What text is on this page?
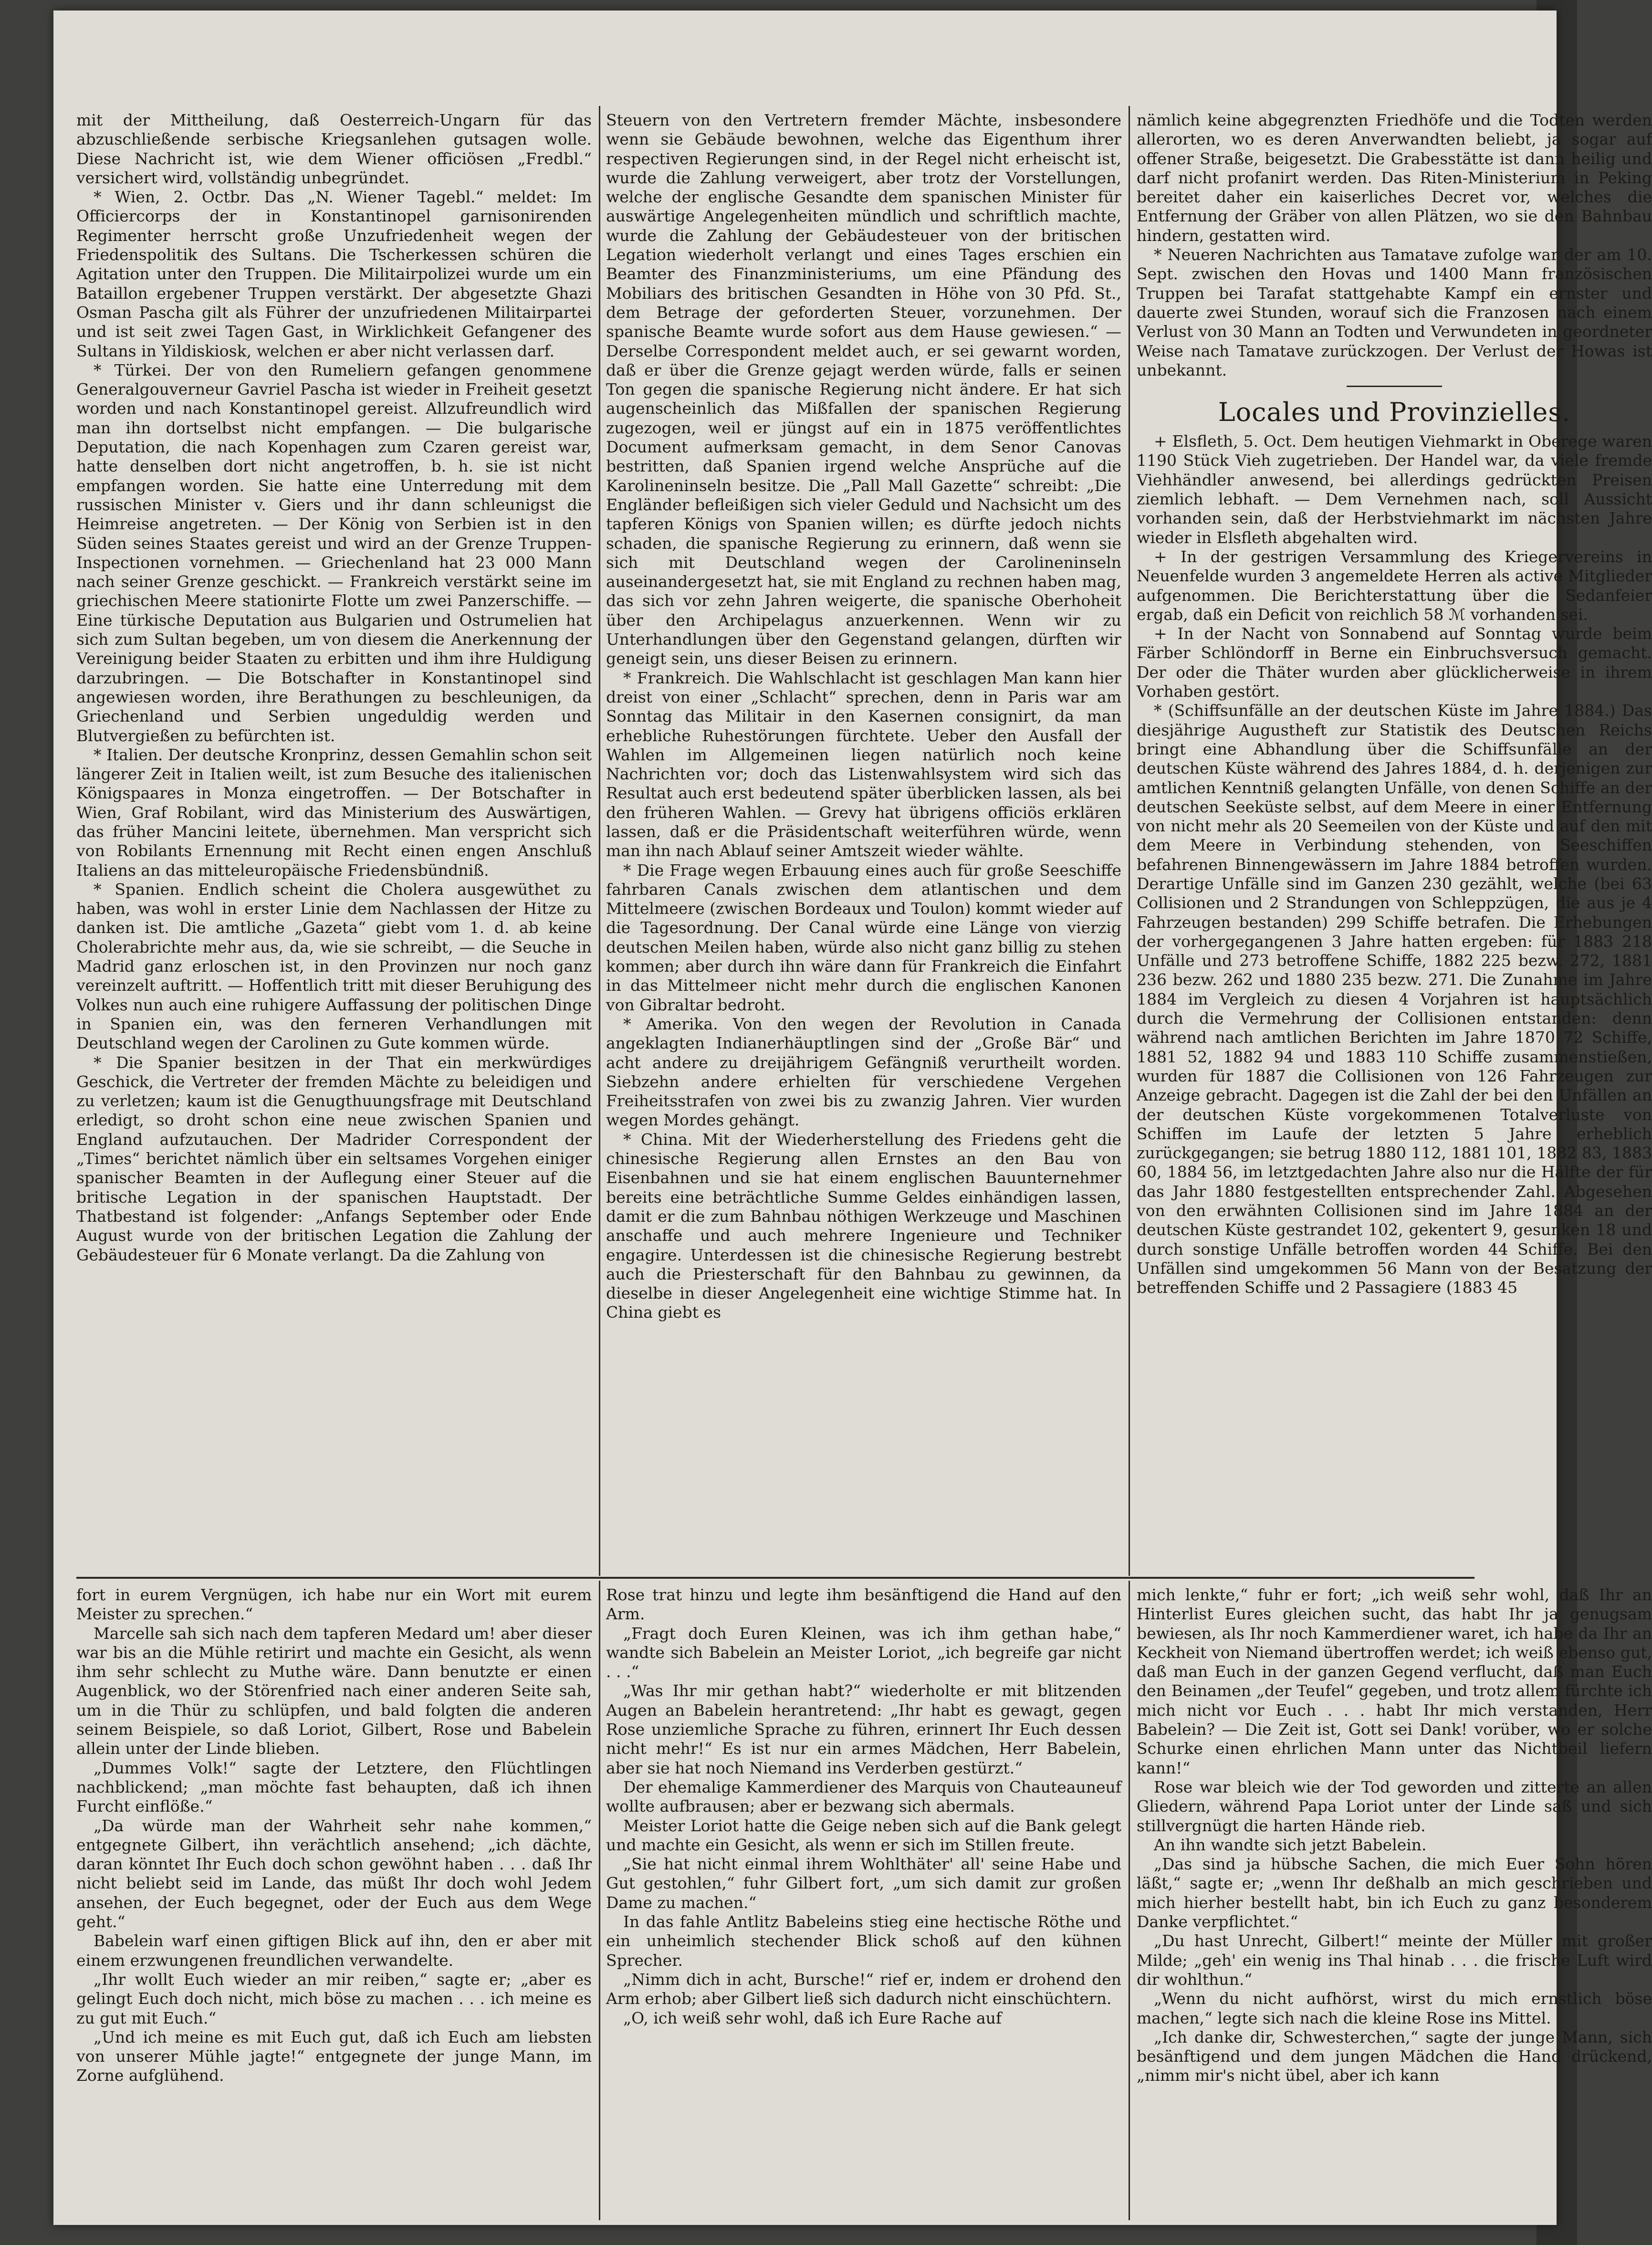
mit der Mittheilung, daß Oesterreich-Ungarn für das abzuschließende serbische Kriegsanlehen gutsagen wolle. Diese Nachricht ist, wie dem Wiener officiösen „Fredbl.“ versichert wird, vollständig unbegründet.

* Wien, 2. Octbr. Das „N. Wiener Tagebl.“ meldet: Im Officiercorps der in Konstantinopel garnisonirenden Regimenter herrscht große Unzufriedenheit wegen der Friedenspolitik des Sultans. Die Tscherkessen schüren die Agitation unter den Truppen. Die Militairpolizei wurde um ein Bataillon ergebener Truppen verstärkt. Der abgesetzte Ghazi Osman Pascha gilt als Führer der unzufriedenen Militairpartei und ist seit zwei Tagen Gast, in Wirklichkeit Gefangener des Sultans in Yildiskiosk, welchen er aber nicht verlassen darf.

* Türkei. Der von den Rumeliern gefangen genommene Generalgouverneur Gavriel Pascha ist wieder in Freiheit gesetzt worden und nach Konstantinopel gereist. Allzufreundlich wird man ihn dortselbst nicht empfangen. — Die bulgarische Deputation, die nach Kopenhagen zum Czaren gereist war, hatte denselben dort nicht angetroffen, b. h. sie ist nicht empfangen worden. Sie hatte eine Unterredung mit dem russischen Minister v. Giers und ihr dann schleunigst die Heimreise angetreten. — Der König von Serbien ist in den Süden seines Staates gereist und wird an der Grenze Truppen-Inspectionen vornehmen. — Griechenland hat 23 000 Mann nach seiner Grenze geschickt. — Frankreich verstärkt seine im griechischen Meere stationirte Flotte um zwei Panzerschiffe. — Eine türkische Deputation aus Bulgarien und Ostrumelien hat sich zum Sultan begeben, um von diesem die Anerkennung der Vereinigung beider Staaten zu erbitten und ihm ihre Huldigung darzubringen. — Die Botschafter in Konstantinopel sind angewiesen worden, ihre Berathungen zu beschleunigen, da Griechenland und Serbien ungeduldig werden und Blutvergießen zu befürchten ist.

* Italien. Der deutsche Kronprinz, dessen Gemahlin schon seit längerer Zeit in Italien weilt, ist zum Besuche des italienischen Königspaares in Monza eingetroffen. — Der Botschafter in Wien, Graf Robilant, wird das Ministerium des Auswärtigen, das früher Mancini leitete, übernehmen. Man verspricht sich von Robilants Ernennung mit Recht einen engen Anschluß Italiens an das mitteleuropäische Friedensbündniß.

* Spanien. Endlich scheint die Cholera ausgewüthet zu haben, was wohl in erster Linie dem Nachlassen der Hitze zu danken ist. Die amtliche „Gazeta“ giebt vom 1. d. ab keine Cholerabrichte mehr aus, da, wie sie schreibt, — die Seuche in Madrid ganz erloschen ist, in den Provinzen nur noch ganz vereinzelt auftritt. — Hoffentlich tritt mit dieser Beruhigung des Volkes nun auch eine ruhigere Auffassung der politischen Dinge in Spanien ein, was den ferneren Verhandlungen mit Deutschland wegen der Carolinen zu Gute kommen würde.

* Die Spanier besitzen in der That ein merkwürdiges Geschick, die Vertreter der fremden Mächte zu beleidigen und zu verletzen; kaum ist die Genugthuungsfrage mit Deutschland erledigt, so droht schon eine neue zwischen Spanien und England aufzutauchen. Der Madrider Correspondent der „Times“ berichtet nämlich über ein seltsames Vorgehen einiger spanischer Beamten in der Auflegung einer Steuer auf die britische Legation in der spanischen Hauptstadt. Der Thatbestand ist folgender: „Anfangs September oder Ende August wurde von der britischen Legation die Zahlung der Gebäudesteuer für 6 Monate verlangt. Da die Zahlung von

Steuern von den Vertretern fremder Mächte, insbesondere wenn sie Gebäude bewohnen, welche das Eigenthum ihrer respectiven Regierungen sind, in der Regel nicht erheischt ist, wurde die Zahlung verweigert, aber trotz der Vorstellungen, welche der englische Gesandte dem spanischen Minister für auswärtige Angelegenheiten mündlich und schriftlich machte, wurde die Zahlung der Gebäudesteuer von der britischen Legation wiederholt verlangt und eines Tages erschien ein Beamter des Finanzministeriums, um eine Pfändung des Mobiliars des britischen Gesandten in Höhe von 30 Pfd. St., dem Betrage der geforderten Steuer, vorzunehmen. Der spanische Beamte wurde sofort aus dem Hause gewiesen.“ — Derselbe Correspondent meldet auch, er sei gewarnt worden, daß er über die Grenze gejagt werden würde, falls er seinen Ton gegen die spanische Regierung nicht ändere. Er hat sich augenscheinlich das Mißfallen der spanischen Regierung zugezogen, weil er jüngst auf ein in 1875 veröffentlichtes Document aufmerksam gemacht, in dem Senor Canovas bestritten, daß Spanien irgend welche Ansprüche auf die Karolineninseln besitze. Die „Pall Mall Gazette“ schreibt: „Die Engländer befleißigen sich vieler Geduld und Nachsicht um des tapferen Königs von Spanien willen; es dürfte jedoch nichts schaden, die spanische Regierung zu erinnern, daß wenn sie sich mit Deutschland wegen der Carolineninseln auseinandergesetzt hat, sie mit England zu rechnen haben mag, das sich vor zehn Jahren weigerte, die spanische Oberhoheit über den Archipelagus anzuerkennen. Wenn wir zu Unterhandlungen über den Gegenstand gelangen, dürften wir geneigt sein, uns dieser Beisen zu erinnern.

* Frankreich. Die Wahlschlacht ist geschlagen Man kann hier dreist von einer „Schlacht“ sprechen, denn in Paris war am Sonntag das Militair in den Kasernen consignirt, da man erhebliche Ruhestörungen fürchtete. Ueber den Ausfall der Wahlen im Allgemeinen liegen natürlich noch keine Nachrichten vor; doch das Listenwahlsystem wird sich das Resultat auch erst bedeutend später überblicken lassen, als bei den früheren Wahlen. — Grevy hat übrigens officiös erklären lassen, daß er die Präsidentschaft weiterführen würde, wenn man ihn nach Ablauf seiner Amtszeit wieder wählte.

* Die Frage wegen Erbauung eines auch für große Seeschiffe fahrbaren Canals zwischen dem atlantischen und dem Mittelmeere (zwischen Bordeaux und Toulon) kommt wieder auf die Tagesordnung. Der Canal würde eine Länge von vierzig deutschen Meilen haben, würde also nicht ganz billig zu stehen kommen; aber durch ihn wäre dann für Frankreich die Einfahrt in das Mittelmeer nicht mehr durch die englischen Kanonen von Gibraltar bedroht.

* Amerika. Von den wegen der Revolution in Canada angeklagten Indianerhäuptlingen sind der „Große Bär“ und acht andere zu dreijährigem Gefängniß verurtheilt worden. Siebzehn andere erhielten für verschiedene Vergehen Freiheitsstrafen von zwei bis zu zwanzig Jahren. Vier wurden wegen Mordes gehängt.

* China. Mit der Wiederherstellung des Friedens geht die chinesische Regierung allen Ernstes an den Bau von Eisenbahnen und sie hat einem englischen Bauunternehmer bereits eine beträchtliche Summe Geldes einhändigen lassen, damit er die zum Bahnbau nöthigen Werkzeuge und Maschinen anschaffe und auch mehrere Ingenieure und Techniker engagire. Unterdessen ist die chinesische Regierung bestrebt auch die Priesterschaft für den Bahnbau zu gewinnen, da dieselbe in dieser Angelegenheit eine wichtige Stimme hat. In China giebt es

nämlich keine abgegrenzten Friedhöfe und die Todten werden allerorten, wo es deren Anverwandten beliebt, ja sogar auf offener Straße, beigesetzt. Die Grabesstätte ist dann heilig und darf nicht profanirt werden. Das Riten-Ministerium in Peking bereitet daher ein kaiserliches Decret vor, welches die Entfernung der Gräber von allen Plätzen, wo sie den Bahnbau hindern, gestatten wird.

* Neueren Nachrichten aus Tamatave zufolge war der am 10. Sept. zwischen den Hovas und 1400 Mann französischen Truppen bei Tarafat stattgehabte Kampf ein ernster und dauerte zwei Stunden, worauf sich die Franzosen nach einem Verlust von 30 Mann an Todten und Verwundeten in geordneter Weise nach Tamatave zurückzogen. Der Verlust der Howas ist unbekannt.

Locales und Provinzielles.

+ Elsfleth, 5. Oct. Dem heutigen Viehmarkt in Oberege waren 1190 Stück Vieh zugetrieben. Der Handel war, da viele fremde Viehhändler anwesend, bei allerdings gedrückten Preisen ziemlich lebhaft. — Dem Vernehmen nach, soll Aussicht vorhanden sein, daß der Herbstviehmarkt im nächsten Jahre wieder in Elsfleth abgehalten wird.

+ In der gestrigen Versammlung des Kriegervereins in Neuenfelde wurden 3 angemeldete Herren als active Mitglieder aufgenommen. Die Berichterstattung über die Sedanfeier ergab, daß ein Deficit von reichlich 58 ℳ vorhanden sei.

+ In der Nacht von Sonnabend auf Sonntag wurde beim Färber Schlöndorff in Berne ein Einbruchsversuch gemacht. Der oder die Thäter wurden aber glücklicherweise in ihrem Vorhaben gestört.

* (Schiffsunfälle an der deutschen Küste im Jahre 1884.) Das diesjährige Augustheft zur Statistik des Deutschen Reichs bringt eine Abhandlung über die Schiffsunfälle an der deutschen Küste während des Jahres 1884, d. h. derjenigen zur amtlichen Kenntniß gelangten Unfälle, von denen Schiffe an der deutschen Seeküste selbst, auf dem Meere in einer Entfernung von nicht mehr als 20 Seemeilen von der Küste und auf den mit dem Meere in Verbindung stehenden, von Seeschiffen befahrenen Binnengewässern im Jahre 1884 betroffen wurden. Derartige Unfälle sind im Ganzen 230 gezählt, welche (bei 63 Collisionen und 2 Strandungen von Schleppzügen, die aus je 4 Fahrzeugen bestanden) 299 Schiffe betrafen. Die Erhebungen der vorhergegangenen 3 Jahre hatten ergeben: für 1883 218 Unfälle und 273 betroffene Schiffe, 1882 225 bezw. 272, 1881 236 bezw. 262 und 1880 235 bezw. 271. Die Zunahme im Jahre 1884 im Vergleich zu diesen 4 Vorjahren ist hauptsächlich durch die Vermehrung der Collisionen entstanden: denn während nach amtlichen Berichten im Jahre 1870 72 Schiffe, 1881 52, 1882 94 und 1883 110 Schiffe zusammenstießen, wurden für 1887 die Collisionen von 126 Fahrzeugen zur Anzeige gebracht. Dagegen ist die Zahl der bei den Unfällen an der deutschen Küste vorgekommenen Totalverluste von Schiffen im Laufe der letzten 5 Jahre erheblich zurückgegangen; sie betrug 1880 112, 1881 101, 1882 83, 1883 60, 1884 56, im letztgedachten Jahre also nur die Hälfte der für das Jahr 1880 festgestellten entsprechender Zahl. Abgesehen von den erwähnten Collisionen sind im Jahre 1884 an der deutschen Küste gestrandet 102, gekentert 9, gesunken 18 und durch sonstige Unfälle betroffen worden 44 Schiffe. Bei den Unfällen sind umgekommen 56 Mann von der Besatzung der betreffenden Schiffe und 2 Passagiere (1883 45

fort in eurem Vergnügen, ich habe nur ein Wort mit eurem Meister zu sprechen.“

Marcelle sah sich nach dem tapferen Medard um! aber dieser war bis an die Mühle retirirt und machte ein Gesicht, als wenn ihm sehr schlecht zu Muthe wäre. Dann benutzte er einen Augenblick, wo der Störenfried nach einer anderen Seite sah, um in die Thür zu schlüpfen, und bald folgten die anderen seinem Beispiele, so daß Loriot, Gilbert, Rose und Babelein allein unter der Linde blieben.

„Dummes Volk!“ sagte der Letztere, den Flüchtlingen nachblickend; „man möchte fast behaupten, daß ich ihnen Furcht einflöße.“

„Da würde man der Wahrheit sehr nahe kommen,“ entgegnete Gilbert, ihn verächtlich ansehend; „ich dächte, daran könntet Ihr Euch doch schon gewöhnt haben . . . daß Ihr nicht beliebt seid im Lande, das müßt Ihr doch wohl Jedem ansehen, der Euch begegnet, oder der Euch aus dem Wege geht.“

Babelein warf einen giftigen Blick auf ihn, den er aber mit einem erzwungenen freundlichen verwandelte.

„Ihr wollt Euch wieder an mir reiben,“ sagte er; „aber es gelingt Euch doch nicht, mich böse zu machen . . . ich meine es zu gut mit Euch.“

„Und ich meine es mit Euch gut, daß ich Euch am liebsten von unserer Mühle jagte!“ entgegnete der junge Mann, im Zorne aufglühend.

Rose trat hinzu und legte ihm besänftigend die Hand auf den Arm.

„Fragt doch Euren Kleinen, was ich ihm gethan habe,“ wandte sich Babelein an Meister Loriot, „ich begreife gar nicht . . .“

„Was Ihr mir gethan habt?“ wiederholte er mit blitzenden Augen an Babelein herantretend: „Ihr habt es gewagt, gegen Rose unziemliche Sprache zu führen, erinnert Ihr Euch dessen nicht mehr!“ Es ist nur ein armes Mädchen, Herr Babelein, aber sie hat noch Niemand ins Verderben gestürzt.“

Der ehemalige Kammerdiener des Marquis von Chauteauneuf wollte aufbrausen; aber er bezwang sich abermals.

Meister Loriot hatte die Geige neben sich auf die Bank gelegt und machte ein Gesicht, als wenn er sich im Stillen freute.

„Sie hat nicht einmal ihrem Wohlthäter' all' seine Habe und Gut gestohlen,“ fuhr Gilbert fort, „um sich damit zur großen Dame zu machen.“

In das fahle Antlitz Babeleins stieg eine hectische Röthe und ein unheimlich stechender Blick schoß auf den kühnen Sprecher.

„Nimm dich in acht, Bursche!“ rief er, indem er drohend den Arm erhob; aber Gilbert ließ sich dadurch nicht einschüchtern.

„O, ich weiß sehr wohl, daß ich Eure Rache auf

mich lenkte,“ fuhr er fort; „ich weiß sehr wohl, daß Ihr an Hinterlist Eures gleichen sucht, das habt Ihr ja genugsam bewiesen, als Ihr noch Kammerdiener waret, ich habe da Ihr an Keckheit von Niemand übertroffen werdet; ich weiß ebenso gut, daß man Euch in der ganzen Gegend verflucht, daß man Euch den Beinamen „der Teufel“ gegeben, und trotz allem fürchte ich mich nicht vor Euch . . . habt Ihr mich verstanden, Herr Babelein? — Die Zeit ist, Gott sei Dank! vorüber, wo er solche Schurke einen ehrlichen Mann unter das Nichtbeil liefern kann!“

Rose war bleich wie der Tod geworden und zitterte an allen Gliedern, während Papa Loriot unter der Linde saß und sich stillvergnügt die harten Hände rieb.

An ihn wandte sich jetzt Babelein.

„Das sind ja hübsche Sachen, die mich Euer Sohn hören läßt,“ sagte er; „wenn Ihr deßhalb an mich geschrieben und mich hierher bestellt habt, bin ich Euch zu ganz besonderem Danke verpflichtet.“

„Du hast Unrecht, Gilbert!“ meinte der Müller mit großer Milde; „geh' ein wenig ins Thal hinab . . . die frische Luft wird dir wohlthun.“

„Wenn du nicht aufhörst, wirst du mich ernstlich böse machen,“ legte sich nach die kleine Rose ins Mittel.

„Ich danke dir, Schwesterchen,“ sagte der junge Mann, sich besänftigend und dem jungen Mädchen die Hand drückend, „nimm mir's nicht übel, aber ich kann
